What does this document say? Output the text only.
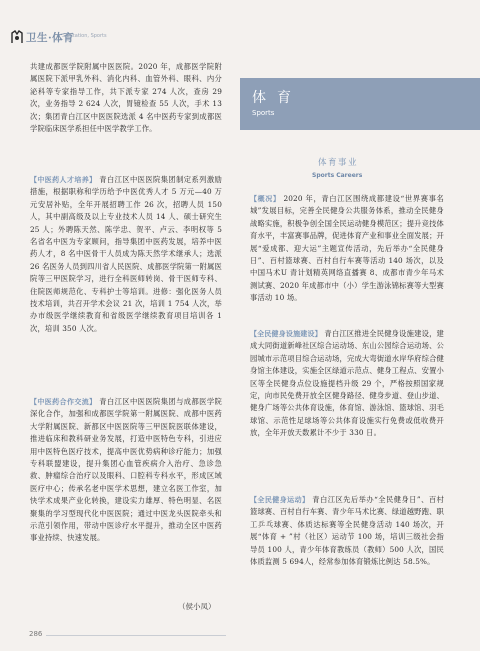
卫生·体育
Sanitation, Sports

共建成都医学院附属中医医院。2020 年，成都医学院附属医院下派甲乳外科、消化内科、血管外科、眼科、内分泌科等专家指导工作，共下派专家 274 人次，查房 29 次，业务指导 2 624 人次，胃镜检查 55 人次，手术 13 次；集团青白江区中医医院选派 4 名中医药专家到成都医学院临床医学系担任中医学教学工作。

【中医药人才培养】 青白江区中医医院集团制定系列激励措施，根据职称和学历给予中医优秀人才 5 万元—40 万元安居补贴，全年开展招聘工作 26 次，招聘人员 150 人，其中副高级及以上专业技术人员 14 人、硕士研究生 25 人；外聘陈天然、陈学忠、贺平、卢云、李明权等 5 名省名中医为专家顾问，指导集团中医药发展，培养中医药人才，8 名中医骨干人员成为陈天然学术继承人；选派 26 名医务人员到四川省人民医院、成都医学院第一附属医院等三甲医院学习，进行全科医师转岗、骨干医师专科、住院医师规范化、专科护士等培训。进修：强化医务人员技术培训，共召开学术会议 21 次，培训 1 754 人次，举办市级医学继续教育和省级医学继续教育项目培训各 1 次，培训 350 人次。

【中医药合作交流】 青白江区中医医院集团与成都医学院深化合作，加强和成都医学院第一附属医院、成都中医药大学附属医院、新都区中医医院等三甲医院医联体建设，推进临床和教科研业务发展，打造中医特色专科，引进应用中医特色医疗技术，提高中医优势病种诊疗能力；加强专科联盟建设，提升集团心血管疾病介入治疗、急诊急救、肿瘤综合治疗以及眼科、口腔科专科水平，形成区域医疗中心；传承名老中医学术思想，建立名医工作室，加快学术成果产业化转换，建设实力雄厚、特色明显、名医聚集的学习型现代化中医医院；通过中医龙头医院牵头和示范引领作用，带动中医诊疗水平提升，推动全区中医药事业持续、快速发展。

（侯小凤）
体育
Sports
体育事业
Sports Careers

【概况】 2020 年，青白江区围绕成都建设“世界赛事名城”发展目标，完善全民健身公共服务体系，推动全民健身战略实施，积极争创全国全民运动健身模范区；提升竞技体育水平，丰富赛事品牌，促进体育产业和事业全面发展；开展“爱成都、迎大运”主题宣传活动，先后举办“全民健身日”、百村篮球赛、百村自行车赛等活动 140 场次，以及中国马术U 青计划精英网络直播赛 8、成都市青少年马术测试赛、2020 年成都市中（小）学生游泳锦标赛等大型赛事活动 10 场。

【全民健身设施建设】 青白江区推进全民健身设施建设，建成大同街道新峰社区综合运动场、东山公园综合运动场、公园城市示范项目综合运动场，完成大弯街道水岸华府综合健身馆主体建设，实施全区绿道示范点、健身工程点、安置小区等全民健身点位设施提档升级 29 个，严格按照国家规定，向市民免费开放全区健身路径、健身步道、登山步道、健身广场等公共体育设施，体育馆、游泳馆、篮球馆、羽毛球馆、示范性足球场等公共体育设施实行免费或低收费开放，全年开放天数累计不少于 330 日。

【全民健身运动】 青白江区先后举办“全民健身日”、百村篮球赛、百村自行车赛、青少年马术比赛、绿道越野跑、职工乒乓球赛、体质达标赛等全民健身活动 140 场次，开展“体育 + ”村（社区）运动节 100 场，培训三级社会指导员 100 人，青少年体育教练员（教师）500 人次，国民体质监测 5 694人，经常参加体育锻炼比例达 58.5%。

286
